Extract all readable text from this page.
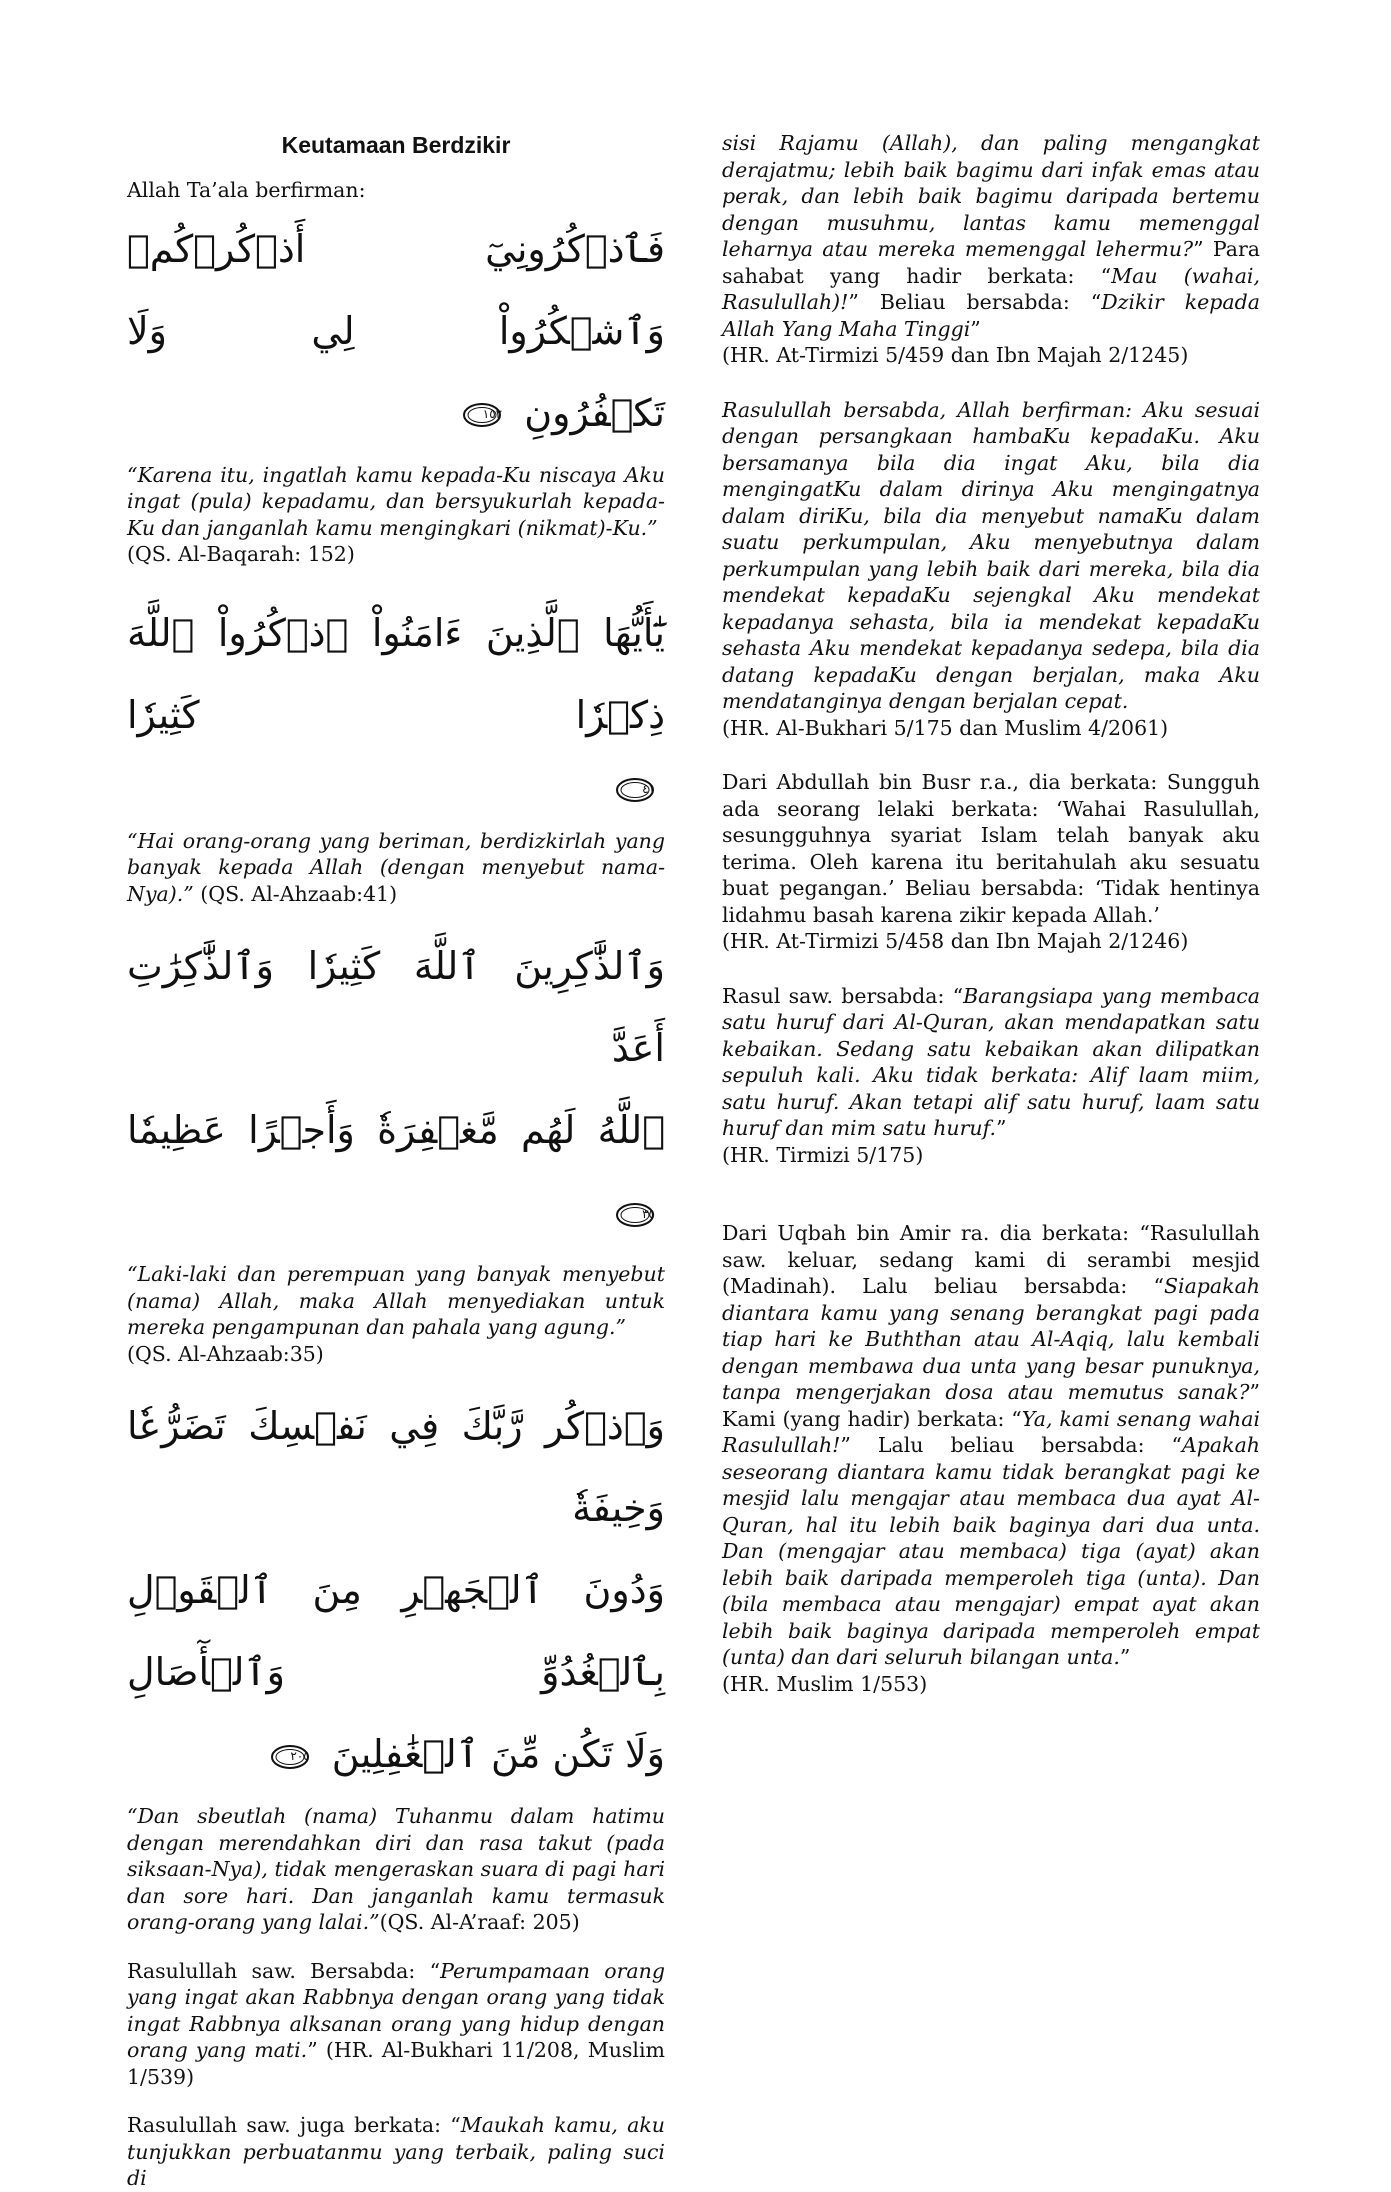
Keutamaan Berdzikir

Allah Ta’ala berfirman:

فَٱذۡكُرُونِيٓ أَذۡكُرۡكُمۡ وَٱشۡكُرُواْ لِي وَلَا
تَكۡفُرُونِ
١٥٢

“Karena itu, ingatlah kamu kepada-Ku niscaya Aku ingat (pula) kepadamu, dan bersyukurlah kepada-Ku dan janganlah kamu mengingkari (nikmat)-Ku.”
(QS. Al-Baqarah: 152)

يَٰٓأَيُّهَا ٱلَّذِينَ ءَامَنُواْ ٱذۡكُرُواْ ٱللَّهَ ذِكۡرٗا كَثِيرٗا
٤١

“Hai orang-orang yang beriman, berdizkirlah yang banyak kepada Allah (dengan menyebut nama-Nya).” (QS. Al-Ahzaab:41)

وَٱلذَّٰكِرِينَ ٱللَّهَ كَثِيرٗا وَٱلذَّٰكِرَٰتِ أَعَدَّ
ٱللَّهُ لَهُم مَّغۡفِرَةٗ وَأَجۡرًا عَظِيمٗا
٣٥

“Laki-laki dan perempuan yang banyak menyebut (nama) Allah, maka Allah menyediakan untuk mereka pengampunan dan pahala yang agung.”
(QS. Al-Ahzaab:35)

وَٱذۡكُر رَّبَّكَ فِي نَفۡسِكَ تَضَرُّعٗا وَخِيفَةٗ
وَدُونَ ٱلۡجَهۡرِ مِنَ ٱلۡقَوۡلِ بِٱلۡغُدُوِّ وَٱلۡأٓصَالِ
وَلَا تَكُن مِّنَ ٱلۡغَٰفِلِينَ
٢٠٥

“Dan sbeutlah (nama) Tuhanmu dalam hatimu dengan merendahkan diri dan rasa takut (pada siksaan-Nya), tidak mengeraskan suara di pagi hari dan sore hari. Dan janganlah kamu termasuk orang-orang yang lalai.”(QS. Al-A’raaf: 205)

Rasulullah saw. Bersabda: “Perumpamaan orang yang ingat akan Rabbnya dengan orang yang tidak ingat Rabbnya alksanan orang yang hidup dengan orang yang mati.” (HR. Al-Bukhari 11/208, Muslim 1/539)

Rasulullah saw. juga berkata: “Maukah kamu, aku tunjukkan perbuatanmu yang terbaik, paling suci di

sisi Rajamu (Allah), dan paling mengangkat derajatmu; lebih baik bagimu dari infak emas atau perak, dan lebih baik bagimu daripada bertemu dengan musuhmu, lantas kamu memenggal leharnya atau mereka memenggal lehermu?” Para sahabat yang hadir berkata: “Mau (wahai, Rasulullah)!” Beliau bersabda: “Dzikir kepada Allah Yang Maha Tinggi”
(HR. At-Tirmizi 5/459 dan Ibn Majah 2/1245)

Rasulullah bersabda, Allah berfirman: Aku sesuai dengan persangkaan hambaKu kepadaKu. Aku bersamanya bila dia ingat Aku, bila dia mengingatKu dalam dirinya Aku mengingatnya dalam diriKu, bila dia menyebut namaKu dalam suatu perkumpulan, Aku menyebutnya dalam perkumpulan yang lebih baik dari mereka, bila dia mendekat kepadaKu sejengkal Aku mendekat kepadanya sehasta, bila ia mendekat kepadaKu sehasta Aku mendekat kepadanya sedepa, bila dia datang kepadaKu dengan berjalan, maka Aku mendatanginya dengan berjalan cepat.
(HR. Al-Bukhari 5/175 dan Muslim 4/2061)

Dari Abdullah bin Busr r.a., dia berkata: Sungguh ada seorang lelaki berkata: ‘Wahai Rasulullah, sesungguhnya syariat Islam telah banyak aku terima. Oleh karena itu beritahulah aku sesuatu buat pegangan.’ Beliau bersabda: ‘Tidak hentinya lidahmu basah karena zikir kepada Allah.’
(HR. At-Tirmizi 5/458 dan Ibn Majah 2/1246)

Rasul saw. bersabda: “Barangsiapa yang membaca satu huruf dari Al-Quran, akan mendapatkan satu kebaikan. Sedang satu kebaikan akan dilipatkan sepuluh kali. Aku tidak berkata: Alif laam miim, satu huruf. Akan tetapi alif satu huruf, laam satu huruf dan mim satu huruf.”
(HR. Tirmizi 5/175)

Dari Uqbah bin Amir ra. dia berkata: “Rasulullah saw. keluar, sedang kami di serambi mesjid (Madinah). Lalu beliau bersabda: “Siapakah diantara kamu yang senang berangkat pagi pada tiap hari ke Buththan atau Al-Aqiq, lalu kembali dengan membawa dua unta yang besar punuknya, tanpa mengerjakan dosa atau memutus sanak?” Kami (yang hadir) berkata: “Ya, kami senang wahai Rasulullah!” Lalu beliau bersabda: “Apakah seseorang diantara kamu tidak berangkat pagi ke mesjid lalu mengajar atau membaca dua ayat Al-Quran, hal itu lebih baik baginya dari dua unta. Dan (mengajar atau membaca) tiga (ayat) akan lebih baik daripada memperoleh tiga (unta). Dan (bila membaca atau mengajar) empat ayat akan lebih baik baginya daripada memperoleh empat (unta) dan dari seluruh bilangan unta.”
(HR. Muslim 1/553)
